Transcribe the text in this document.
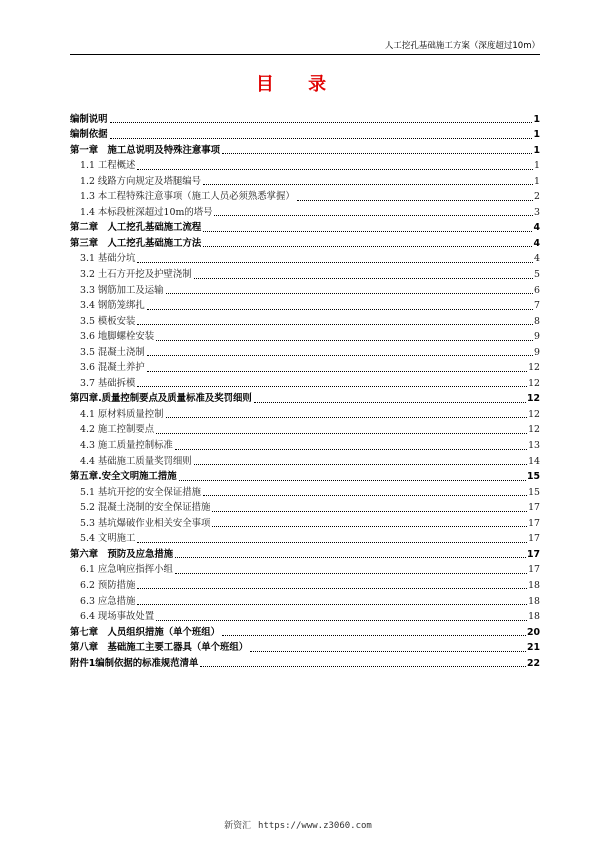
人工挖孔基础施工方案（深度超过10m）
目 录
编制说明	1
编制依据	1
第一章　施工总说明及特殊注意事项	1
1.1 工程概述	1
1.2 线路方向规定及塔腿编号	1
1.3 本工程特殊注意事项（施工人员必须熟悉掌握）	2
1.4 本标段桩深超过10m的塔号	3
第二章　人工挖孔基础施工流程	4
第三章　人工挖孔基础施工方法	4
3.1 基础分坑	4
3.2 土石方开挖及护壁浇制	5
3.3 钢筋加工及运输	6
3.4 钢筋笼绑扎	7
3.5 模板安装	8
3.6 地脚螺栓安装	9
3.5 混凝土浇制	9
3.6 混凝土养护	12
3.7 基础拆模	12
第四章.质量控制要点及质量标准及奖罚细则	12
4.1 原材料质量控制	12
4.2 施工控制要点	12
4.3 施工质量控制标准	13
4.4 基础施工质量奖罚细则	14
第五章.安全文明施工措施	15
5.1 基坑开挖的安全保证措施	15
5.2 混凝土浇制的安全保证措施	17
5.3 基坑爆破作业相关安全事项	17
5.4 文明施工	17
第六章　预防及应急措施	17
6.1 应急响应指挥小组	17
6.2 预防措施	18
6.3 应急措施	18
6.4 现场事故处置	18
第七章　人员组织措施（单个班组）	20
第八章　基础施工主要工器具（单个班组）	21
附件1编制依据的标准规范清单	22
新资汇 https://www.z3060.com
